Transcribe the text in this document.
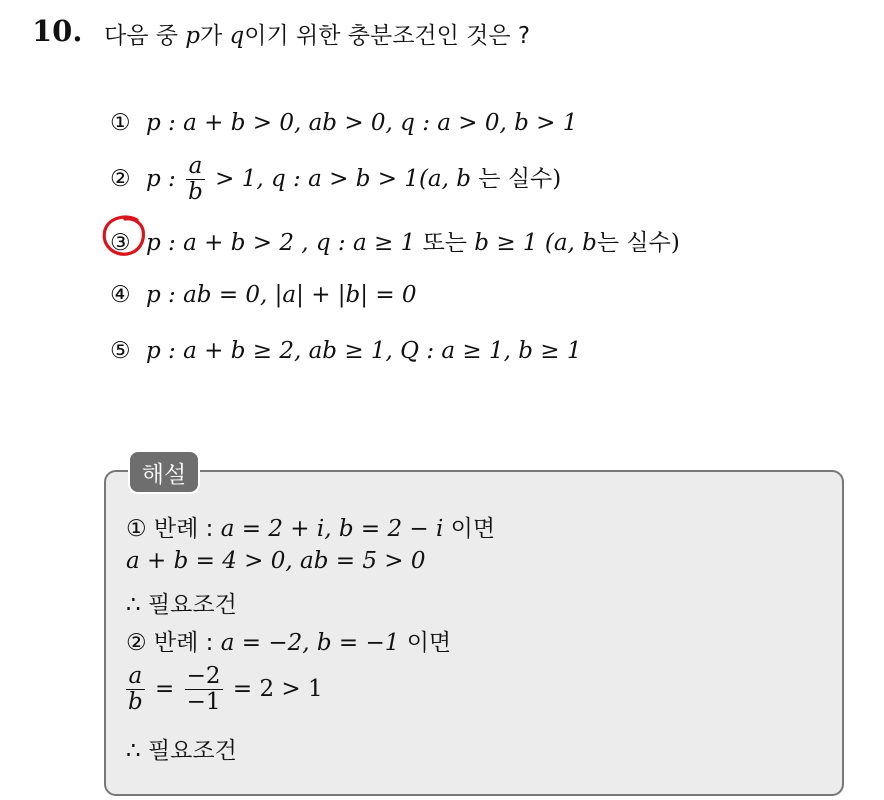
10. 다음 중 p가 q이기 위한 충분조건인 것은 ?
① p : a + b > 0, ab > 0, q : a > 0, b > 1
② p : $\frac{a}{b} > 1$, q : a > b > 1(a, b 는 실수)
③ p : a + b > 2 , q : a ≥ 1 또는 b ≥ 1 (a, b는 실수)
④ p : ab = 0, |a| + |b| = 0
⑤ p : a + b ≥ 2, ab ≥ 1, Q : a ≥ 1, b ≥ 1
해설
① 반례 : a = 2 + i, b = 2 − i 이면
a + b = 4 > 0, ab = 5 > 0
∴ 필요조건
② 반례 : a = −2, b = −1 이면
$\frac{a}{b} = \frac{-2}{-1} = 2 > 1$
∴ 필요조건
